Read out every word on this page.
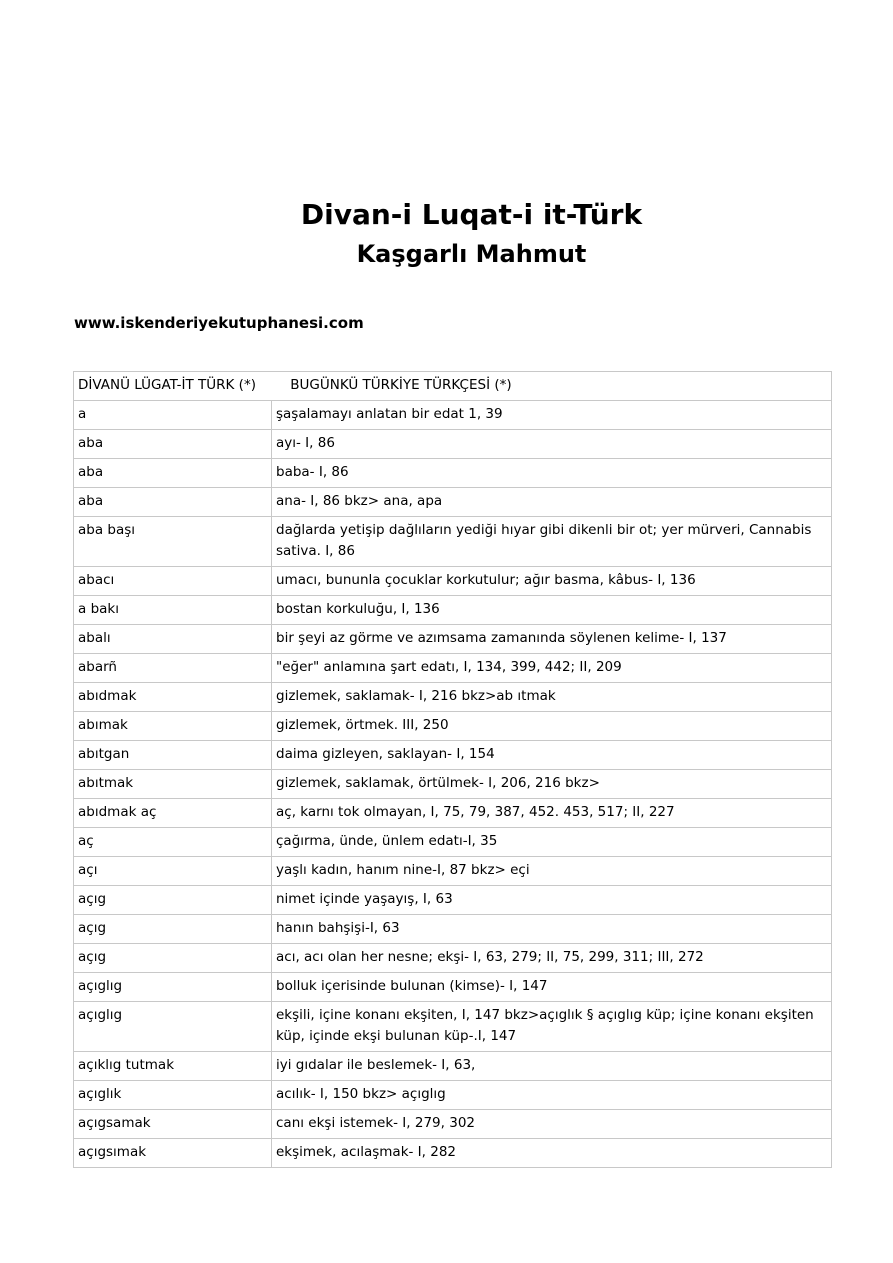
Divan-i Luqat-i it-Türk
Kaşgarlı Mahmut
www.iskenderiyekutuphanesi.com
DİVANÜ LÜGAT-İT TÜRK (*) BUGÜNKÜ TÜRKİYE TÜRKÇESİ (*)	
a	şaşalamayı anlatan bir edat 1, 39
aba	ayı- I, 86
aba	baba- I, 86
aba	ana- I, 86 bkz> ana, apa
aba başı	dağlarda yetişip dağlıların yediği hıyar gibi dikenli bir ot; yer mürveri, Cannabis sativa. I, 86
abacı	umacı, bununla çocuklar korkutulur; ağır basma, kâbus- I, 136
a bakı	bostan korkuluğu, I, 136
abalı	bir şeyi az görme ve azımsama zamanında söylenen kelime- I, 137
abarñ	"eğer" anlamına şart edatı, I, 134, 399, 442; II, 209
abıdmak	gizlemek, saklamak- I, 216 bkz>ab ıtmak
abımak	gizlemek, örtmek. III, 250
abıtgan	daima gizleyen, saklayan- I, 154
abıtmak	gizlemek, saklamak, örtülmek- I, 206, 216 bkz>
abıdmak aç	aç, karnı tok olmayan, I, 75, 79, 387, 452. 453, 517; II, 227
aç	çağırma, ünde, ünlem edatı-I, 35
açı	yaşlı kadın, hanım nine-I, 87 bkz> eçi
açıg	nimet içinde yaşayış, I, 63
açıg	hanın bahşişi-I, 63
açıg	acı, acı olan her nesne; ekşi- I, 63, 279; II, 75, 299, 311; III, 272
açıglıg	bolluk içerisinde bulunan (kimse)- I, 147
açıglıg	ekşili, içine konanı ekşiten, I, 147 bkz>açıglık § açıglıg küp; içine konanı ekşiten küp, içinde ekşi bulunan küp-.I, 147
açıklıg tutmak	iyi gıdalar ile beslemek- I, 63,
açıglık	acılık- I, 150 bkz> açıglıg
açıgsamak	canı ekşi istemek- I, 279, 302
açıgsımak	ekşimek, acılaşmak- I, 282
